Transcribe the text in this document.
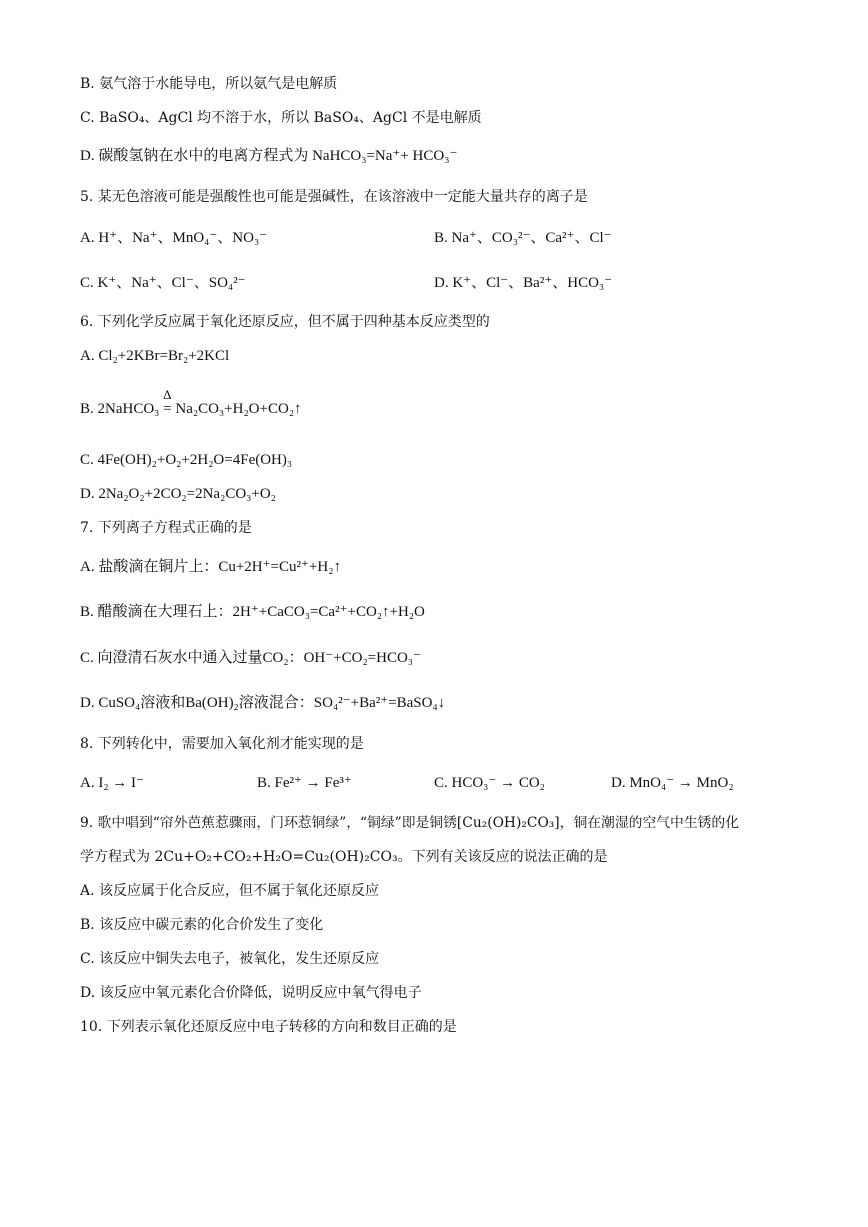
B. 氨气溶于水能导电，所以氨气是电解质
C. BaSO₄、AgCl 均不溶于水，所以 BaSO₄、AgCl 不是电解质
D. 碳酸氢钠在水中的电离方程式为 NaHCO₃=Na⁺+ HCO₃⁻
5. 某无色溶液可能是强酸性也可能是强碱性，在该溶液中一定能大量共存的离子是
A. H⁺、Na⁺、MnO₄⁻、NO₃⁻	B. Na⁺、CO₃²⁻、Ca²⁺、Cl⁻
C. K⁺、Na⁺、Cl⁻、SO₄²⁻	D. K⁺、Cl⁻、Ba²⁺、HCO₃⁻
6. 下列化学反应属于氧化还原反应，但不属于四种基本反应类型的
A. Cl₂+2KBr=Br₂+2KCl
B. 2NaHCO₃
Δ
= Na₂CO₃+H₂O+CO₂↑
C. 4Fe(OH)₂+O₂+2H₂O=4Fe(OH)₃
D. 2Na₂O₂+2CO₂=2Na₂CO₃+O₂
7. 下列离子方程式正确的是
A. 盐酸滴在铜片上：Cu+2H⁺=Cu²⁺+H₂↑
B. 醋酸滴在大理石上：2H⁺+CaCO₃=Ca²⁺+CO₂↑+H₂O
C. 向澄清石灰水中通入过量CO₂：OH⁻+CO₂=HCO₃⁻
D. CuSO₄溶液和Ba(OH)₂溶液混合：SO₄²⁻+Ba²⁺=BaSO₄↓
8. 下列转化中，需要加入氧化剂才能实现的是
A. I₂ → I⁻	B. Fe²⁺ → Fe³⁺	C. HCO₃⁻ → CO₂	D. MnO₄⁻ → MnO₂
9. 歌中唱到“帘外芭蕉惹骤雨，门环惹铜绿”，“铜绿”即是铜锈[Cu₂(OH)₂CO₃]，铜在潮湿的空气中生锈的化
学方程式为 2Cu+O₂+CO₂+H₂O=Cu₂(OH)₂CO₃。下列有关该反应的说法正确的是
A. 该反应属于化合反应，但不属于氧化还原反应
B. 该反应中碳元素的化合价发生了变化
C. 该反应中铜失去电子，被氧化，发生还原反应
D. 该反应中氧元素化合价降低，说明反应中氧气得电子
10. 下列表示氧化还原反应中电子转移的方向和数目正确的是
